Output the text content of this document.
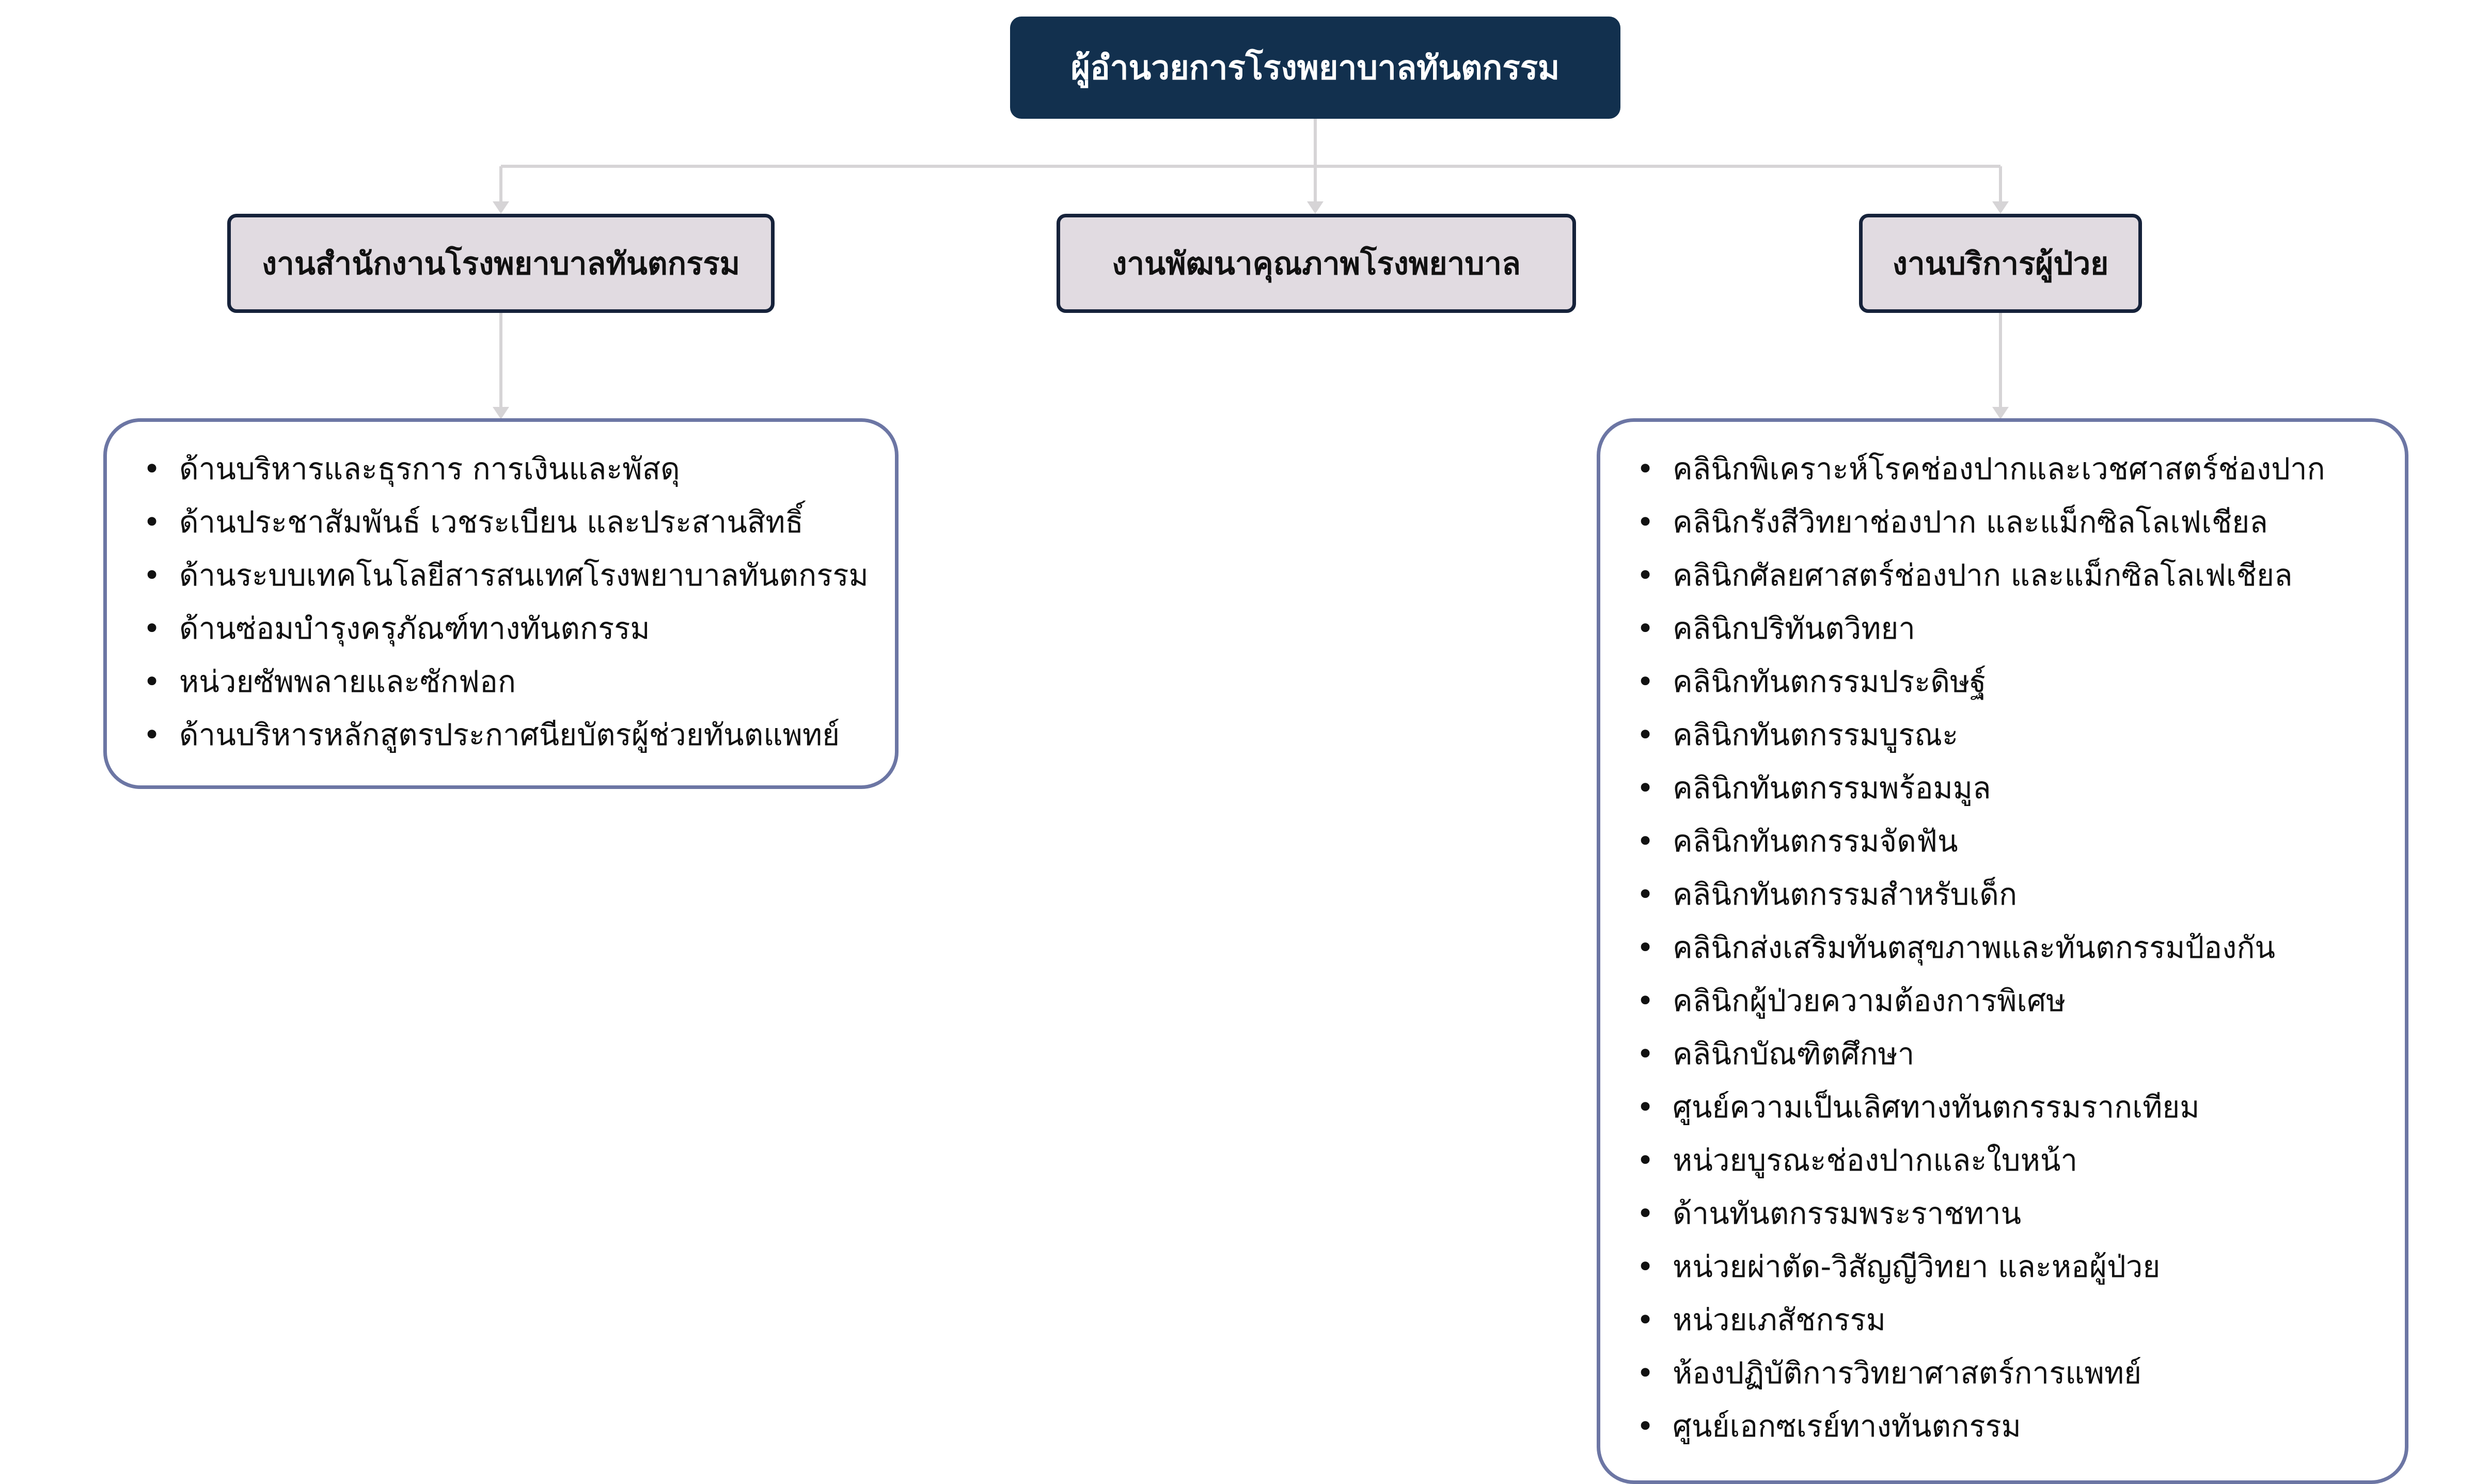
ผู้อำนวยการโรงพยาบาลทันตกรรม
งานสำนักงานโรงพยาบาลทันตกรรม	งานพัฒนาคุณภาพโรงพยาบาล	งานบริการผู้ป่วย
• ด้านบริหารและธุรการ การเงินและพัสดุ
• ด้านประชาสัมพันธ์ เวชระเบียน และประสานสิทธิ์
• ด้านระบบเทคโนโลยีสารสนเทศโรงพยาบาลทันตกรรม
• ด้านซ่อมบำรุงครุภัณฑ์ทางทันตกรรม
• หน่วยซัพพลายและซักฟอก
• ด้านบริหารหลักสูตรประกาศนียบัตรผู้ช่วยทันตแพทย์
• คลินิกพิเคราะห์โรคช่องปากและเวชศาสตร์ช่องปาก
• คลินิกรังสีวิทยาช่องปาก และแม็กซิลโลเฟเชียล
• คลินิกศัลยศาสตร์ช่องปาก และแม็กซิลโลเฟเชียล
• คลินิกปริทันตวิทยา
• คลินิกทันตกรรมประดิษฐ์
• คลินิกทันตกรรมบูรณะ
• คลินิกทันตกรรมพร้อมมูล
• คลินิกทันตกรรมจัดฟัน
• คลินิกทันตกรรมสำหรับเด็ก
• คลินิกส่งเสริมทันตสุขภาพและทันตกรรมป้องกัน
• คลินิกผู้ป่วยความต้องการพิเศษ
• คลินิกบัณฑิตศึกษา
• ศูนย์ความเป็นเลิศทางทันตกรรมรากเทียม
• หน่วยบูรณะช่องปากและใบหน้า
• ด้านทันตกรรมพระราชทาน
• หน่วยผ่าตัด-วิสัญญีวิทยา และหอผู้ป่วย
• หน่วยเภสัชกรรม
• ห้องปฏิบัติการวิทยาศาสตร์การแพทย์
• ศูนย์เอกซเรย์ทางทันตกรรม
